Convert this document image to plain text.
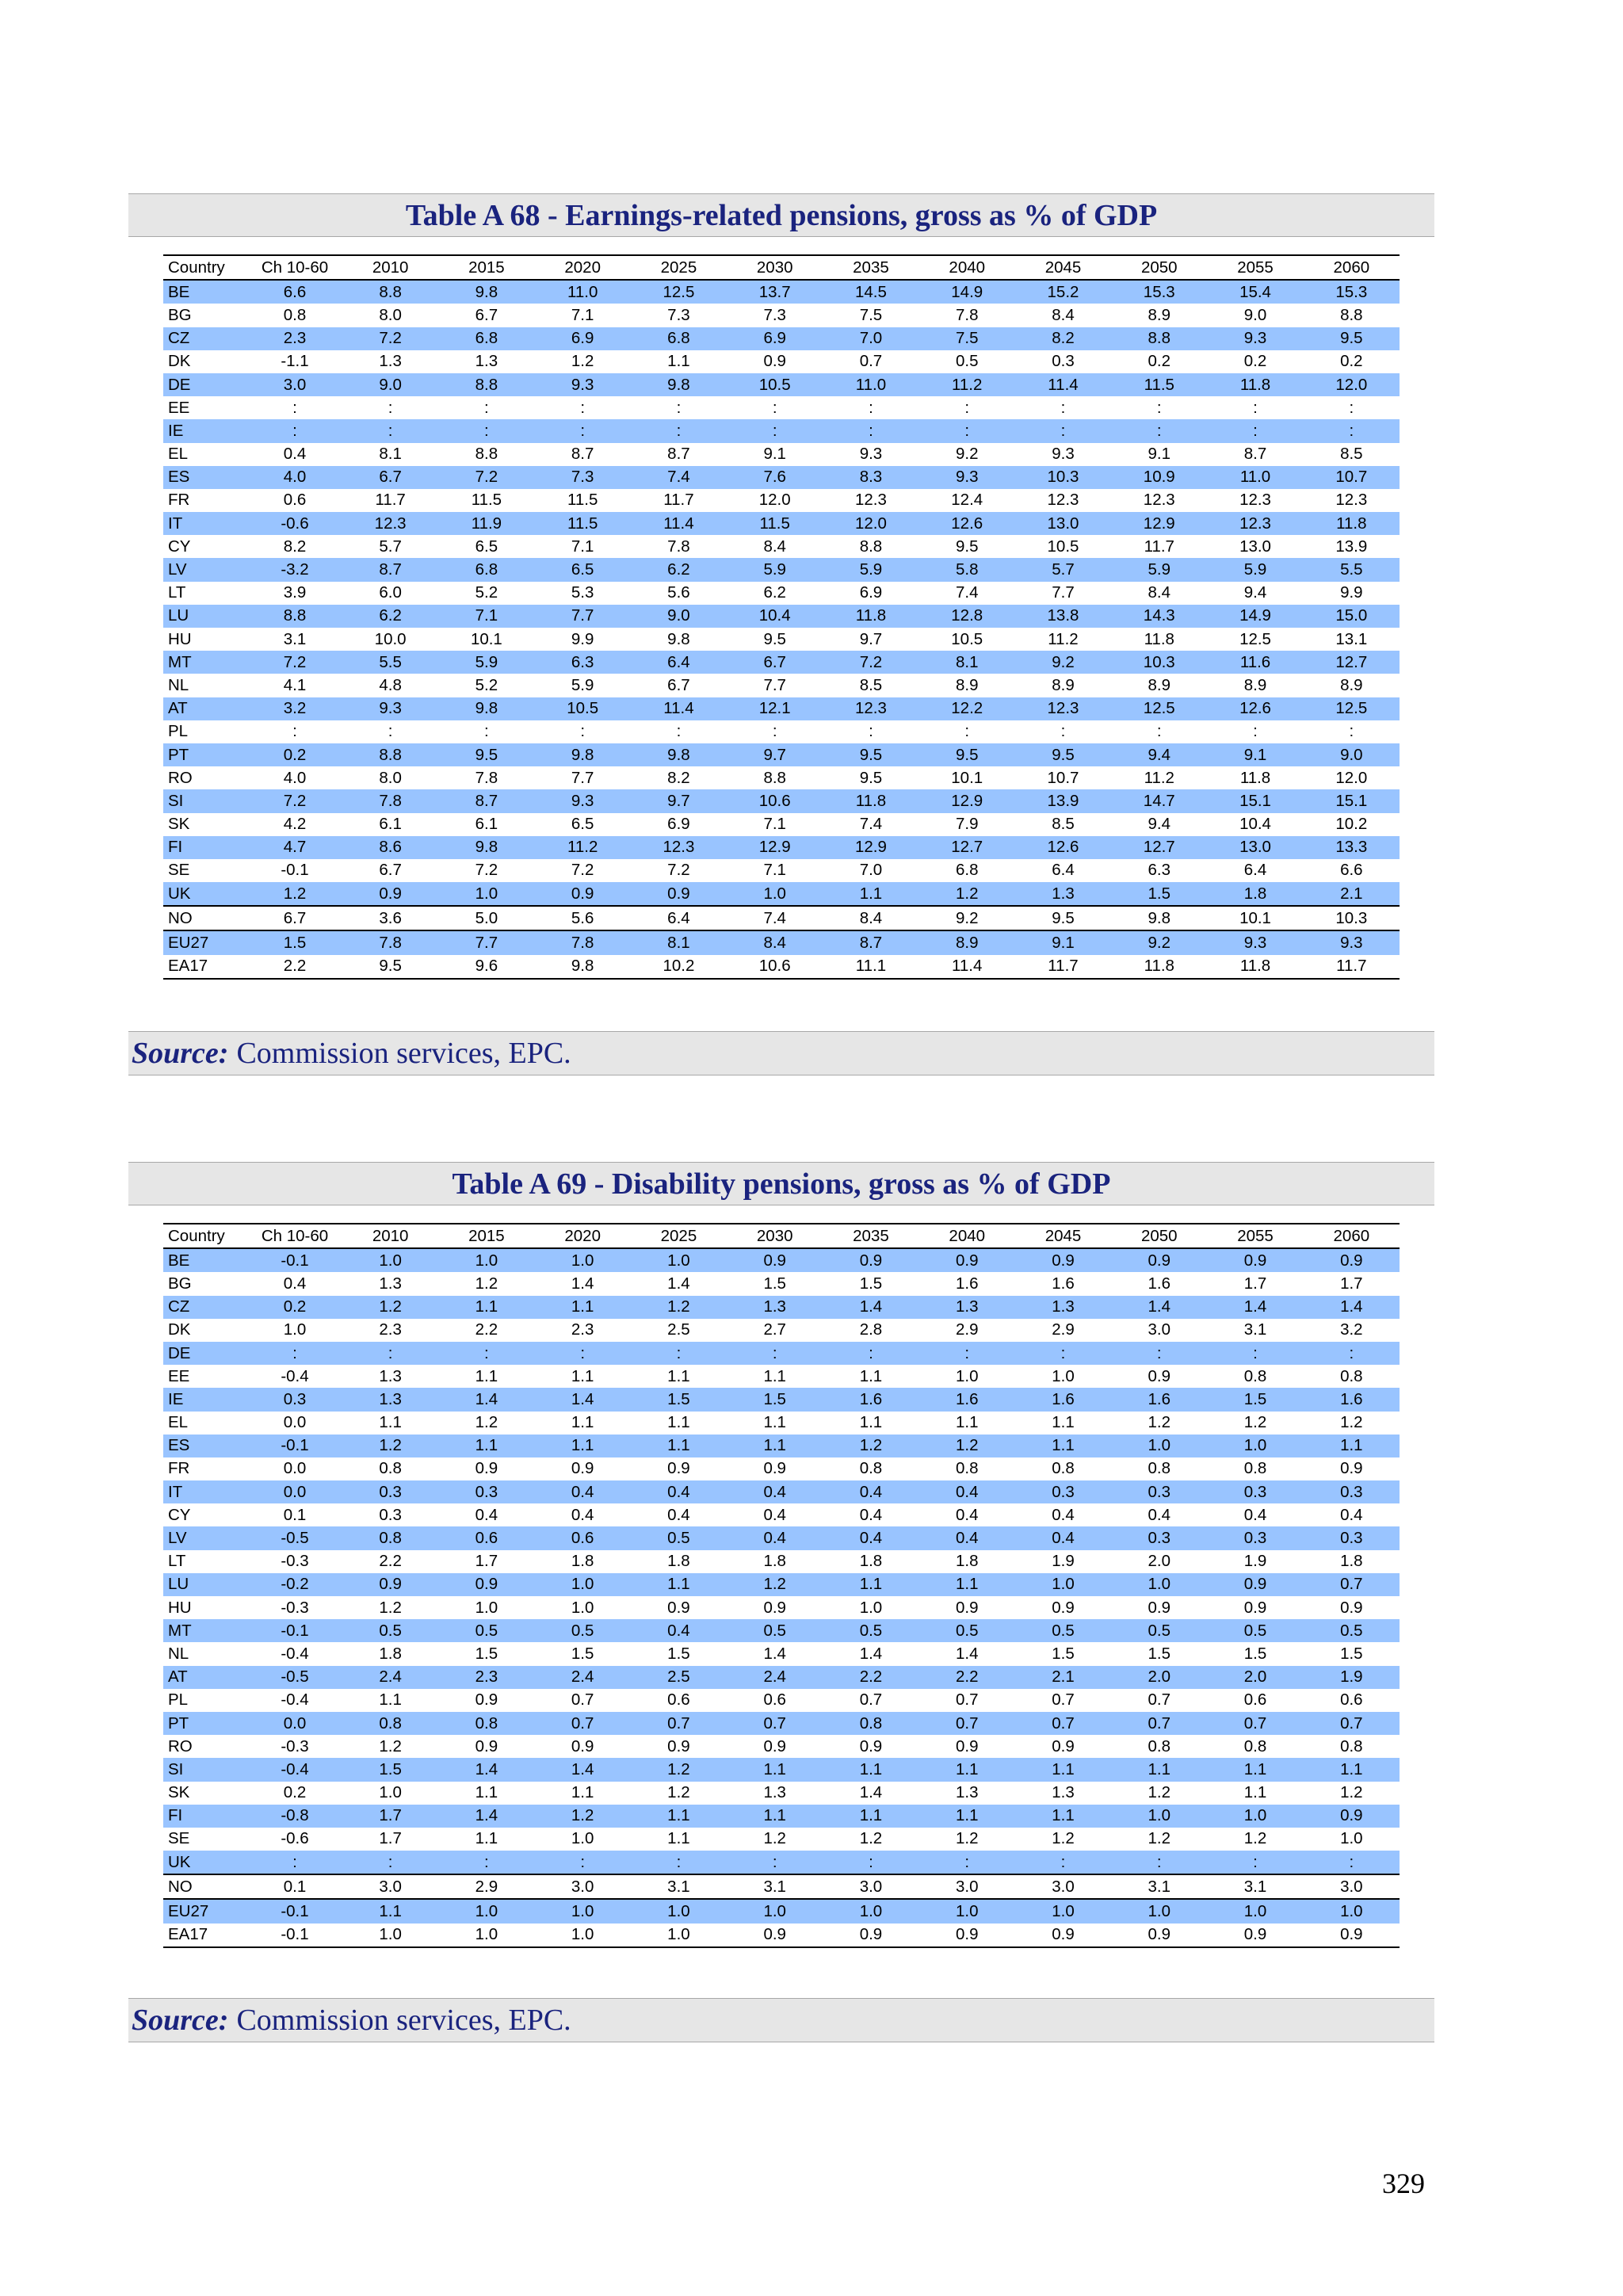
Table A 68 - Earnings-related pensions, gross as % of GDP
Country	Ch 10-60	2010	2015	2020	2025	2030	2035	2040	2045	2050	2055	2060
BE	6.6	8.8	9.8	11.0	12.5	13.7	14.5	14.9	15.2	15.3	15.4	15.3
BG	0.8	8.0	6.7	7.1	7.3	7.3	7.5	7.8	8.4	8.9	9.0	8.8
CZ	2.3	7.2	6.8	6.9	6.8	6.9	7.0	7.5	8.2	8.8	9.3	9.5
DK	-1.1	1.3	1.3	1.2	1.1	0.9	0.7	0.5	0.3	0.2	0.2	0.2
DE	3.0	9.0	8.8	9.3	9.8	10.5	11.0	11.2	11.4	11.5	11.8	12.0
EE	:	:	:	:	:	:	:	:	:	:	:	:
IE	:	:	:	:	:	:	:	:	:	:	:	:
EL	0.4	8.1	8.8	8.7	8.7	9.1	9.3	9.2	9.3	9.1	8.7	8.5
ES	4.0	6.7	7.2	7.3	7.4	7.6	8.3	9.3	10.3	10.9	11.0	10.7
FR	0.6	11.7	11.5	11.5	11.7	12.0	12.3	12.4	12.3	12.3	12.3	12.3
IT	-0.6	12.3	11.9	11.5	11.4	11.5	12.0	12.6	13.0	12.9	12.3	11.8
CY	8.2	5.7	6.5	7.1	7.8	8.4	8.8	9.5	10.5	11.7	13.0	13.9
LV	-3.2	8.7	6.8	6.5	6.2	5.9	5.9	5.8	5.7	5.9	5.9	5.5
LT	3.9	6.0	5.2	5.3	5.6	6.2	6.9	7.4	7.7	8.4	9.4	9.9
LU	8.8	6.2	7.1	7.7	9.0	10.4	11.8	12.8	13.8	14.3	14.9	15.0
HU	3.1	10.0	10.1	9.9	9.8	9.5	9.7	10.5	11.2	11.8	12.5	13.1
MT	7.2	5.5	5.9	6.3	6.4	6.7	7.2	8.1	9.2	10.3	11.6	12.7
NL	4.1	4.8	5.2	5.9	6.7	7.7	8.5	8.9	8.9	8.9	8.9	8.9
AT	3.2	9.3	9.8	10.5	11.4	12.1	12.3	12.2	12.3	12.5	12.6	12.5
PL	:	:	:	:	:	:	:	:	:	:	:	:
PT	0.2	8.8	9.5	9.8	9.8	9.7	9.5	9.5	9.5	9.4	9.1	9.0
RO	4.0	8.0	7.8	7.7	8.2	8.8	9.5	10.1	10.7	11.2	11.8	12.0
SI	7.2	7.8	8.7	9.3	9.7	10.6	11.8	12.9	13.9	14.7	15.1	15.1
SK	4.2	6.1	6.1	6.5	6.9	7.1	7.4	7.9	8.5	9.4	10.4	10.2
FI	4.7	8.6	9.8	11.2	12.3	12.9	12.9	12.7	12.6	12.7	13.0	13.3
SE	-0.1	6.7	7.2	7.2	7.2	7.1	7.0	6.8	6.4	6.3	6.4	6.6
UK	1.2	0.9	1.0	0.9	0.9	1.0	1.1	1.2	1.3	1.5	1.8	2.1
NO	6.7	3.6	5.0	5.6	6.4	7.4	8.4	9.2	9.5	9.8	10.1	10.3
EU27	1.5	7.8	7.7	7.8	8.1	8.4	8.7	8.9	9.1	9.2	9.3	9.3
EA17	2.2	9.5	9.6	9.8	10.2	10.6	11.1	11.4	11.7	11.8	11.8	11.7
Source: Commission services, EPC.
Table A 69 - Disability pensions, gross as % of GDP
Country	Ch 10-60	2010	2015	2020	2025	2030	2035	2040	2045	2050	2055	2060
BE	-0.1	1.0	1.0	1.0	1.0	0.9	0.9	0.9	0.9	0.9	0.9	0.9
BG	0.4	1.3	1.2	1.4	1.4	1.5	1.5	1.6	1.6	1.6	1.7	1.7
CZ	0.2	1.2	1.1	1.1	1.2	1.3	1.4	1.3	1.3	1.4	1.4	1.4
DK	1.0	2.3	2.2	2.3	2.5	2.7	2.8	2.9	2.9	3.0	3.1	3.2
DE	:	:	:	:	:	:	:	:	:	:	:	:
EE	-0.4	1.3	1.1	1.1	1.1	1.1	1.1	1.0	1.0	0.9	0.8	0.8
IE	0.3	1.3	1.4	1.4	1.5	1.5	1.6	1.6	1.6	1.6	1.5	1.6
EL	0.0	1.1	1.2	1.1	1.1	1.1	1.1	1.1	1.1	1.2	1.2	1.2
ES	-0.1	1.2	1.1	1.1	1.1	1.1	1.2	1.2	1.1	1.0	1.0	1.1
FR	0.0	0.8	0.9	0.9	0.9	0.9	0.8	0.8	0.8	0.8	0.8	0.9
IT	0.0	0.3	0.3	0.4	0.4	0.4	0.4	0.4	0.3	0.3	0.3	0.3
CY	0.1	0.3	0.4	0.4	0.4	0.4	0.4	0.4	0.4	0.4	0.4	0.4
LV	-0.5	0.8	0.6	0.6	0.5	0.4	0.4	0.4	0.4	0.3	0.3	0.3
LT	-0.3	2.2	1.7	1.8	1.8	1.8	1.8	1.8	1.9	2.0	1.9	1.8
LU	-0.2	0.9	0.9	1.0	1.1	1.2	1.1	1.1	1.0	1.0	0.9	0.7
HU	-0.3	1.2	1.0	1.0	0.9	0.9	1.0	0.9	0.9	0.9	0.9	0.9
MT	-0.1	0.5	0.5	0.5	0.4	0.5	0.5	0.5	0.5	0.5	0.5	0.5
NL	-0.4	1.8	1.5	1.5	1.5	1.4	1.4	1.4	1.5	1.5	1.5	1.5
AT	-0.5	2.4	2.3	2.4	2.5	2.4	2.2	2.2	2.1	2.0	2.0	1.9
PL	-0.4	1.1	0.9	0.7	0.6	0.6	0.7	0.7	0.7	0.7	0.6	0.6
PT	0.0	0.8	0.8	0.7	0.7	0.7	0.8	0.7	0.7	0.7	0.7	0.7
RO	-0.3	1.2	0.9	0.9	0.9	0.9	0.9	0.9	0.9	0.8	0.8	0.8
SI	-0.4	1.5	1.4	1.4	1.2	1.1	1.1	1.1	1.1	1.1	1.1	1.1
SK	0.2	1.0	1.1	1.1	1.2	1.3	1.4	1.3	1.3	1.2	1.1	1.2
FI	-0.8	1.7	1.4	1.2	1.1	1.1	1.1	1.1	1.1	1.0	1.0	0.9
SE	-0.6	1.7	1.1	1.0	1.1	1.2	1.2	1.2	1.2	1.2	1.2	1.0
UK	:	:	:	:	:	:	:	:	:	:	:	:
NO	0.1	3.0	2.9	3.0	3.1	3.1	3.0	3.0	3.0	3.1	3.1	3.0
EU27	-0.1	1.1	1.0	1.0	1.0	1.0	1.0	1.0	1.0	1.0	1.0	1.0
EA17	-0.1	1.0	1.0	1.0	1.0	0.9	0.9	0.9	0.9	0.9	0.9	0.9
Source: Commission services, EPC.
329
